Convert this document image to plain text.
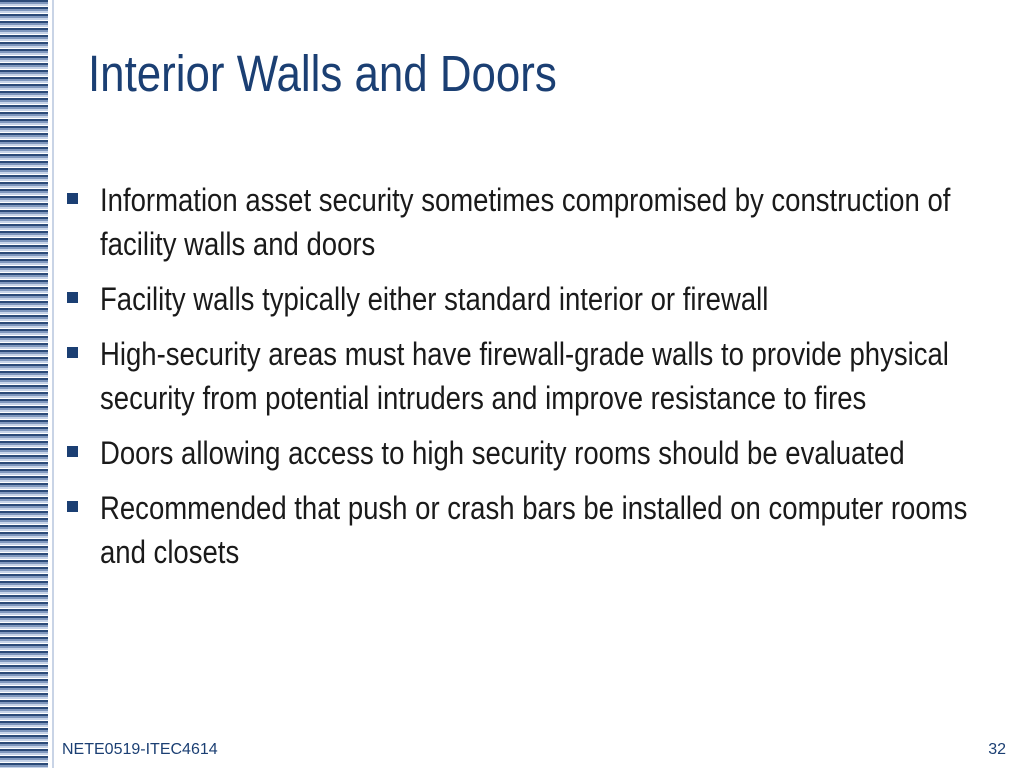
Interior Walls and Doors
Information asset security sometimes compromised by construction of facility walls and doors
Facility walls typically either standard interior or firewall
High-security areas must have firewall-grade walls to provide physical security from potential intruders and improve resistance to fires
Doors allowing access to high security rooms should be evaluated
Recommended that push or crash bars be installed on computer rooms and closets
NETE0519-ITEC4614	32
